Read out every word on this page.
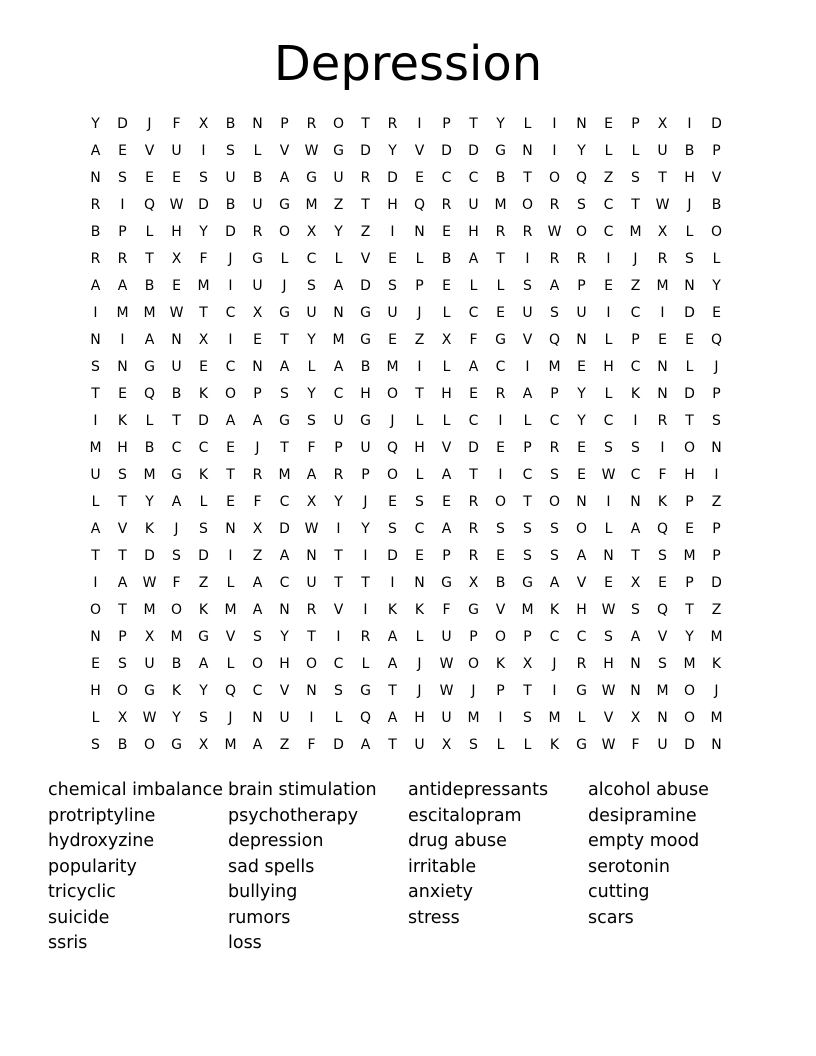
Depression
Y	D	J	F	X	B	N	P	R	O	T	R	I	P	T	Y	L	I	N	E	P	X	I	D
A	E	V	U	I	S	L	V	W	G	D	Y	V	D	D	G	N	I	Y	L	L	U	B	P
N	S	E	E	S	U	B	A	G	U	R	D	E	C	C	B	T	O	Q	Z	S	T	H	V
R	I	Q	W	D	B	U	G	M	Z	T	H	Q	R	U	M	O	R	S	C	T	W	J	B
B	P	L	H	Y	D	R	O	X	Y	Z	I	N	E	H	R	R	W	O	C	M	X	L	O
R	R	T	X	F	J	G	L	C	L	V	E	L	B	A	T	I	R	R	I	J	R	S	L
A	A	B	E	M	I	U	J	S	A	D	S	P	E	L	L	S	A	P	E	Z	M	N	Y
I	M	M	W	T	C	X	G	U	N	G	U	J	L	C	E	U	S	U	I	C	I	D	E
N	I	A	N	X	I	E	T	Y	M	G	E	Z	X	F	G	V	Q	N	L	P	E	E	Q
S	N	G	U	E	C	N	A	L	A	B	M	I	L	A	C	I	M	E	H	C	N	L	J
T	E	Q	B	K	O	P	S	Y	C	H	O	T	H	E	R	A	P	Y	L	K	N	D	P
I	K	L	T	D	A	A	G	S	U	G	J	L	L	C	I	L	C	Y	C	I	R	T	S
M	H	B	C	C	E	J	T	F	P	U	Q	H	V	D	E	P	R	E	S	S	I	O	N
U	S	M	G	K	T	R	M	A	R	P	O	L	A	T	I	C	S	E	W	C	F	H	I
L	T	Y	A	L	E	F	C	X	Y	J	E	S	E	R	O	T	O	N	I	N	K	P	Z
A	V	K	J	S	N	X	D	W	I	Y	S	C	A	R	S	S	S	O	L	A	Q	E	P
T	T	D	S	D	I	Z	A	N	T	I	D	E	P	R	E	S	S	A	N	T	S	M	P
I	A	W	F	Z	L	A	C	U	T	T	I	N	G	X	B	G	A	V	E	X	E	P	D
O	T	M	O	K	M	A	N	R	V	I	K	K	F	G	V	M	K	H	W	S	Q	T	Z
N	P	X	M	G	V	S	Y	T	I	R	A	L	U	P	O	P	C	C	S	A	V	Y	M
E	S	U	B	A	L	O	H	O	C	L	A	J	W	O	K	X	J	R	H	N	S	M	K
H	O	G	K	Y	Q	C	V	N	S	G	T	J	W	J	P	T	I	G	W	N	M	O	J
L	X	W	Y	S	J	N	U	I	L	Q	A	H	U	M	I	S	M	L	V	X	N	O	M
S	B	O	G	X	M	A	Z	F	D	A	T	U	X	S	L	L	K	G	W	F	U	D	N
chemical imbalance
protriptyline
hydroxyzine
popularity
tricyclic
suicide
ssris
brain stimulation
psychotherapy
depression
sad spells
bullying
rumors
loss
antidepressants
escitalopram
drug abuse
irritable
anxiety
stress
alcohol abuse
desipramine
empty mood
serotonin
cutting
scars
